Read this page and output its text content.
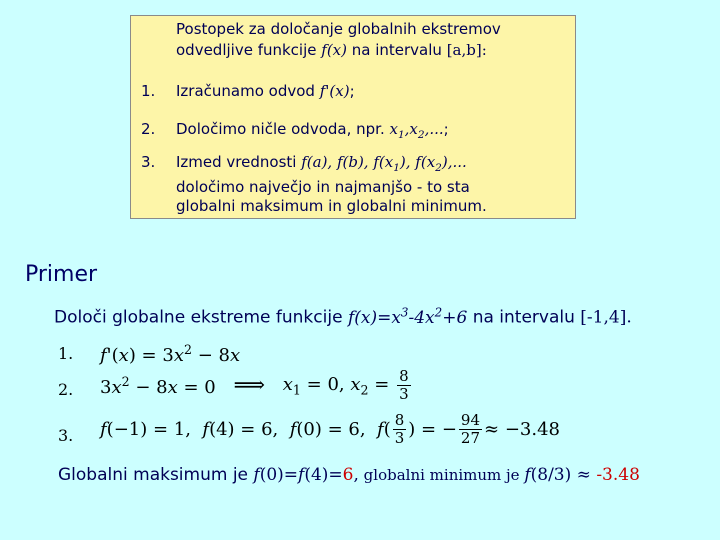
Postopek za določanje globalnih ekstremov
odvedljive funkcije f(x) na intervalu [a,b]:
1.	Izračunamo odvod f'(x);
2.	Določimo ničle odvoda, npr. $x_1,x_2$,...;
3.	Izmed vrednosti f(a), f(b), $f(x_1)$, $f(x_2)$,...
določimo največjo in najmanjšo - to sta
globalni maksimum in globalni minimum.
Primer
Določi globalne ekstreme funkcije $f(x)=x^3-4x^2+6$ na intervalu [-1,4].
1. $f'(x) = 3x^2 - 8x$
2. $3x^2 - 8x = 0$ ⟹ $x_1 = 0$, $x_2 = \frac{8}{3}$
3. f(−1) = 1,  f(4) = 6,  f(0) = 6,  $f( \frac{8}{3}$ ) = − $\frac{94}{27} \approx -3.48$
Globalni maksimum je f(0)=f(4)=6, globalni minimum je f(8/3) ≈ -3.48
